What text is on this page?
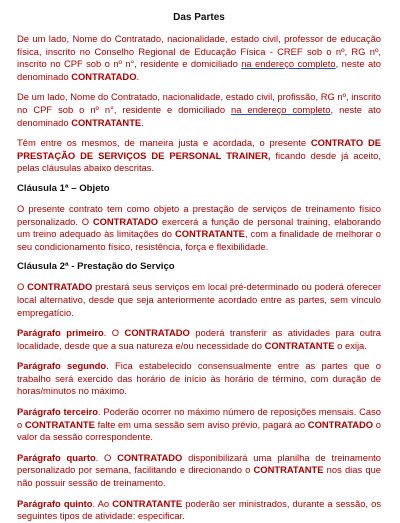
Das Partes

De um lado, Nome do Contratado, nacionalidade, estado civil, professor de educação física, inscrito no Conselho Regional de Educação Física - CREF sob o nº, RG nº, inscrito no CPF sob o nº n°, residente e domiciliado na endereço completo, neste ato denominado CONTRATADO.

De um lado, Nome do Contratado, nacionalidade, estado civil, profissão, RG nº, inscrito no CPF sob o nº n°, residente e domiciliado na endereço completo, neste ato denominado CONTRATANTE.

Têm entre os mesmos, de maneira justa e acordada, o presente CONTRATO DE PRESTAÇÃO DE SERVIÇOS DE PERSONAL TRAINER, ficando desde já aceito, pelas cláusulas abaixo descritas.

Cláusula 1ª – Objeto

O presente contrato tem como objeto a prestação de serviços de treinamento físico personalizado. O CONTRATADO exercerá a função de personal training, elaborando um treino adequado às limitações do CONTRATANTE, com a finalidade de melhorar o seu condicionamento físico, resistência, força e flexibilidade.

Cláusula 2ª - Prestação do Serviço

O CONTRATADO prestará seus serviços em local pré-determinado ou poderá oferecer local alternativo, desde que seja anteriormente acordado entre as partes, sem vínculo empregatício.

Parágrafo primeiro. O CONTRATADO poderá transferir as atividades para outra localidade, desde que a sua natureza e/ou necessidade do CONTRATANTE o exija.

Parágrafo segundo. Fica estabelecido consensualmente entre as partes que o trabalho será exercido das horário de início às horário de término, com duração de horas/minutos no máximo.

Parágrafo terceiro. Poderão ocorrer no máximo número de reposições mensais. Caso o CONTRATANTE falte em uma sessão sem aviso prévio, pagará ao CONTRATADO o valor da sessão correspondente.

Parágrafo quarto. O CONTRATADO disponibilizará uma planilha de treinamento personalizado por semana, facilitando e direcionando o CONTRATANTE nos dias que não possuir sessão de treinamento.

Parágrafo quinto. Ao CONTRATANTE poderão ser ministrados, durante a sessão, os seguintes tipos de atividade: especificar.
